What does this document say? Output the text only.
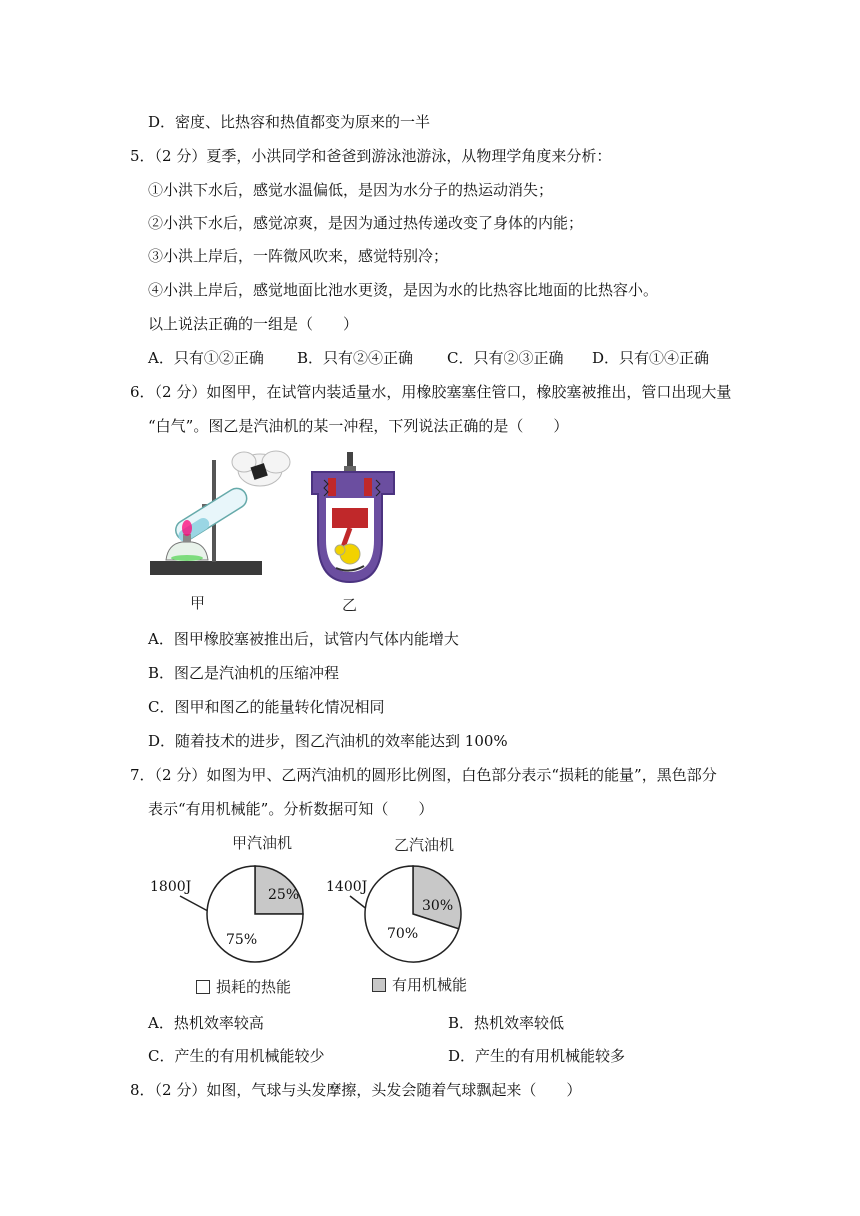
D．密度、比热容和热值都变为原来的一半
5．（2 分）夏季，小洪同学和爸爸到游泳池游泳，从物理学角度来分析：
①小洪下水后，感觉水温偏低，是因为水分子的热运动消失；
②小洪下水后，感觉凉爽，是因为通过热传递改变了身体的内能；
③小洪上岸后，一阵微风吹来，感觉特别冷；
④小洪上岸后，感觉地面比池水更烫，是因为水的比热容比地面的比热容小。
以上说法正确的一组是（　　）
A．只有①②正确 B．只有②④正确 C．只有②③正确 D．只有①④正确
6．（2 分）如图甲，在试管内装适量水，用橡胶塞塞住管口，橡胶塞被推出，管口出现大量
“白气”。图乙是汽油机的某一冲程，下列说法正确的是（　　）
甲	乙
A．图甲橡胶塞被推出后，试管内气体内能增大
B．图乙是汽油机的压缩冲程
C．图甲和图乙的能量转化情况相同
D．随着技术的进步，图乙汽油机的效率能达到 100%
7．（2 分）如图为甲、乙两汽油机的圆形比例图，白色部分表示“损耗的能量”，黑色部分
表示“有用机械能”。分析数据可知（　　）
甲汽油机
1800J	25%
75%
乙汽油机
1400J
30%
70%
损耗的热能	有用机械能
A．热机效率较高	B．热机效率较低
C．产生的有用机械能较少	D．产生的有用机械能较多
8．（2 分）如图，气球与头发摩擦，头发会随着气球飘起来（　　）
